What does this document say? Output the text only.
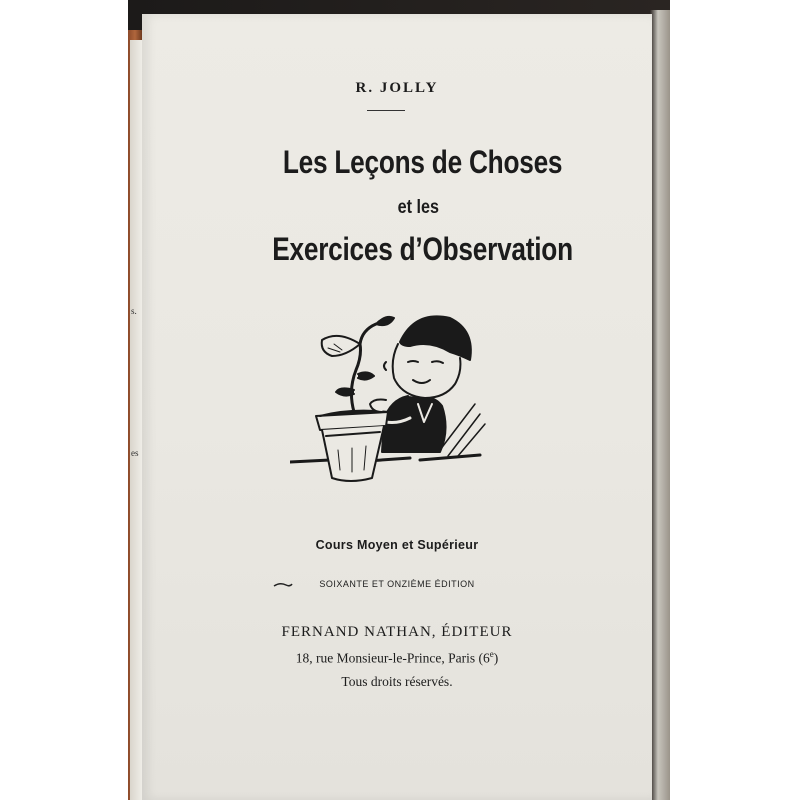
s.
es
R. JOLLY
Les Leçons de Choses
et les
Exercices d’Observation
Cours Moyen et Supérieur
SOIXANTE ET ONZIÈME ÉDITION
FERNAND NATHAN, ÉDITEUR
18, rue Monsieur-le-Prince, Paris (6e)
Tous droits réservés.
